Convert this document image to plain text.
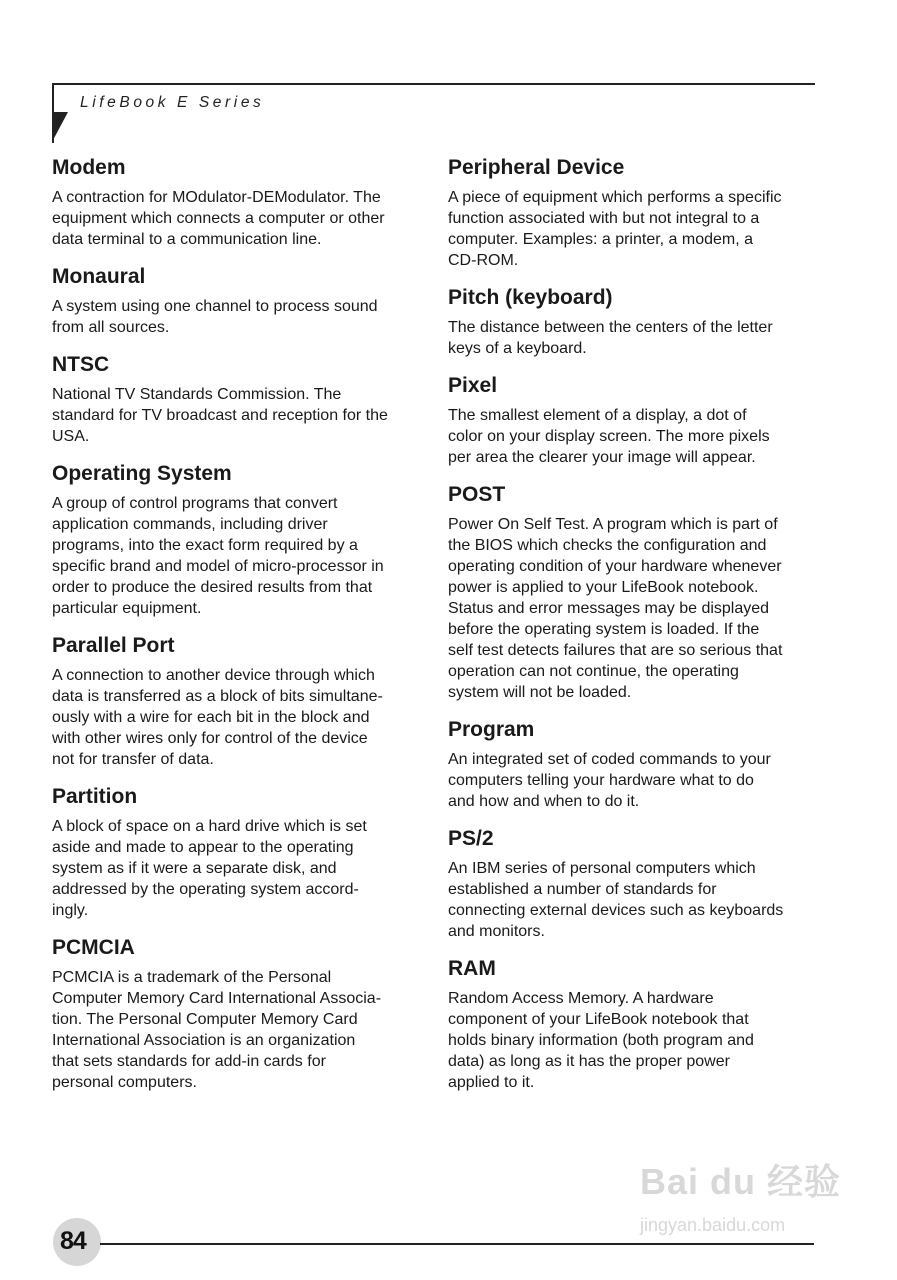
LifeBook E Series
Modem

A contraction for MOdulator-DEModulator. The
equipment which connects a computer or other
data terminal to a communication line.

Monaural

A system using one channel to process sound
from all sources.

NTSC

National TV Standards Commission. The
standard for TV broadcast and reception for the
USA.

Operating System

A group of control programs that convert
application commands, including driver
programs, into the exact form required by a
specific brand and model of micro-processor in
order to produce the desired results from that
particular equipment.

Parallel Port

A connection to another device through which
data is transferred as a block of bits simultane-
ously with a wire for each bit in the block and
with other wires only for control of the device
not for transfer of data.

Partition

A block of space on a hard drive which is set
aside and made to appear to the operating
system as if it were a separate disk, and
addressed by the operating system accord-
ingly.

PCMCIA

PCMCIA is a trademark of the Personal
Computer Memory Card International Associa-
tion. The Personal Computer Memory Card
International Association is an organization
that sets standards for add-in cards for
personal computers.

Peripheral Device

A piece of equipment which performs a specific
function associated with but not integral to a
computer. Examples: a printer, a modem, a
CD-ROM.

Pitch (keyboard)

The distance between the centers of the letter
keys of a keyboard.

Pixel

The smallest element of a display, a dot of
color on your display screen. The more pixels
per area the clearer your image will appear.

POST

Power On Self Test. A program which is part of
the BIOS which checks the configuration and
operating condition of your hardware whenever
power is applied to your LifeBook notebook.
Status and error messages may be displayed
before the operating system is loaded. If the
self test detects failures that are so serious that
operation can not continue, the operating
system will not be loaded.

Program

An integrated set of coded commands to your
computers telling your hardware what to do
and how and when to do it.

PS/2

An IBM series of personal computers which
established a number of standards for
connecting external devices such as keyboards
and monitors.

RAM

Random Access Memory. A hardware
component of your LifeBook notebook that
holds binary information (both program and
data) as long as it has the proper power
applied to it.

Bai du 经验
jingyan.baidu.com
84
